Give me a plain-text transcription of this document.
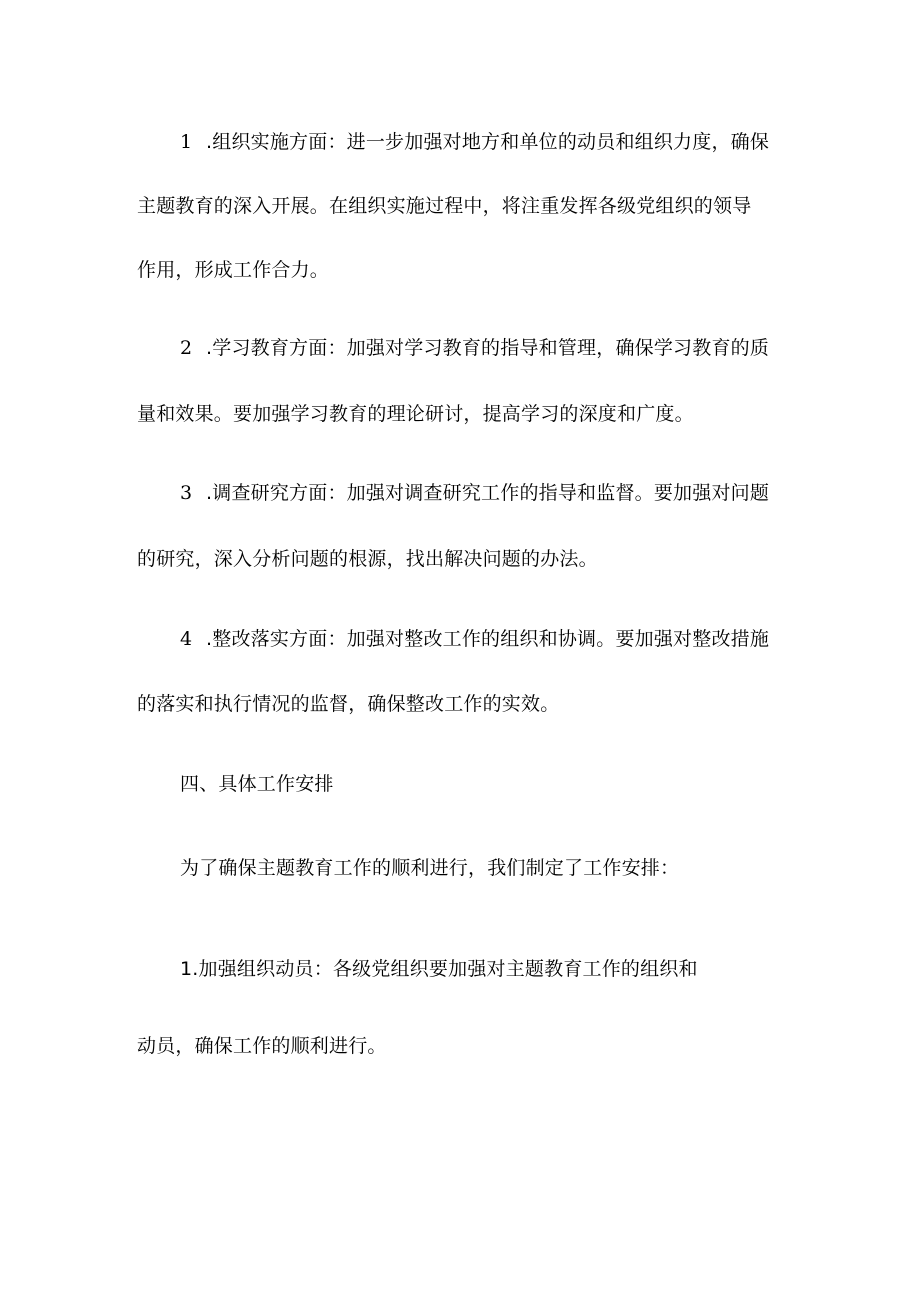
1 .组织实施方面：进一步加强对地方和单位的动员和组织力度，确保
主题教育的深入开展。在组织实施过程中，将注重发挥各级党组织的领导
作用，形成工作合力。
2 .学习教育方面：加强对学习教育的指导和管理，确保学习教育的质
量和效果。要加强学习教育的理论研讨，提高学习的深度和广度。
3 .调查研究方面：加强对调查研究工作的指导和监督。要加强对问题
的研究，深入分析问题的根源，找出解决问题的办法。
4 .整改落实方面：加强对整改工作的组织和协调。要加强对整改措施
的落实和执行情况的监督，确保整改工作的实效。
四、具体工作安排
为了确保主题教育工作的顺利进行，我们制定了工作安排：
1.加强组织动员：各级党组织要加强对主题教育工作的组织和
动员，确保工作的顺利进行。
